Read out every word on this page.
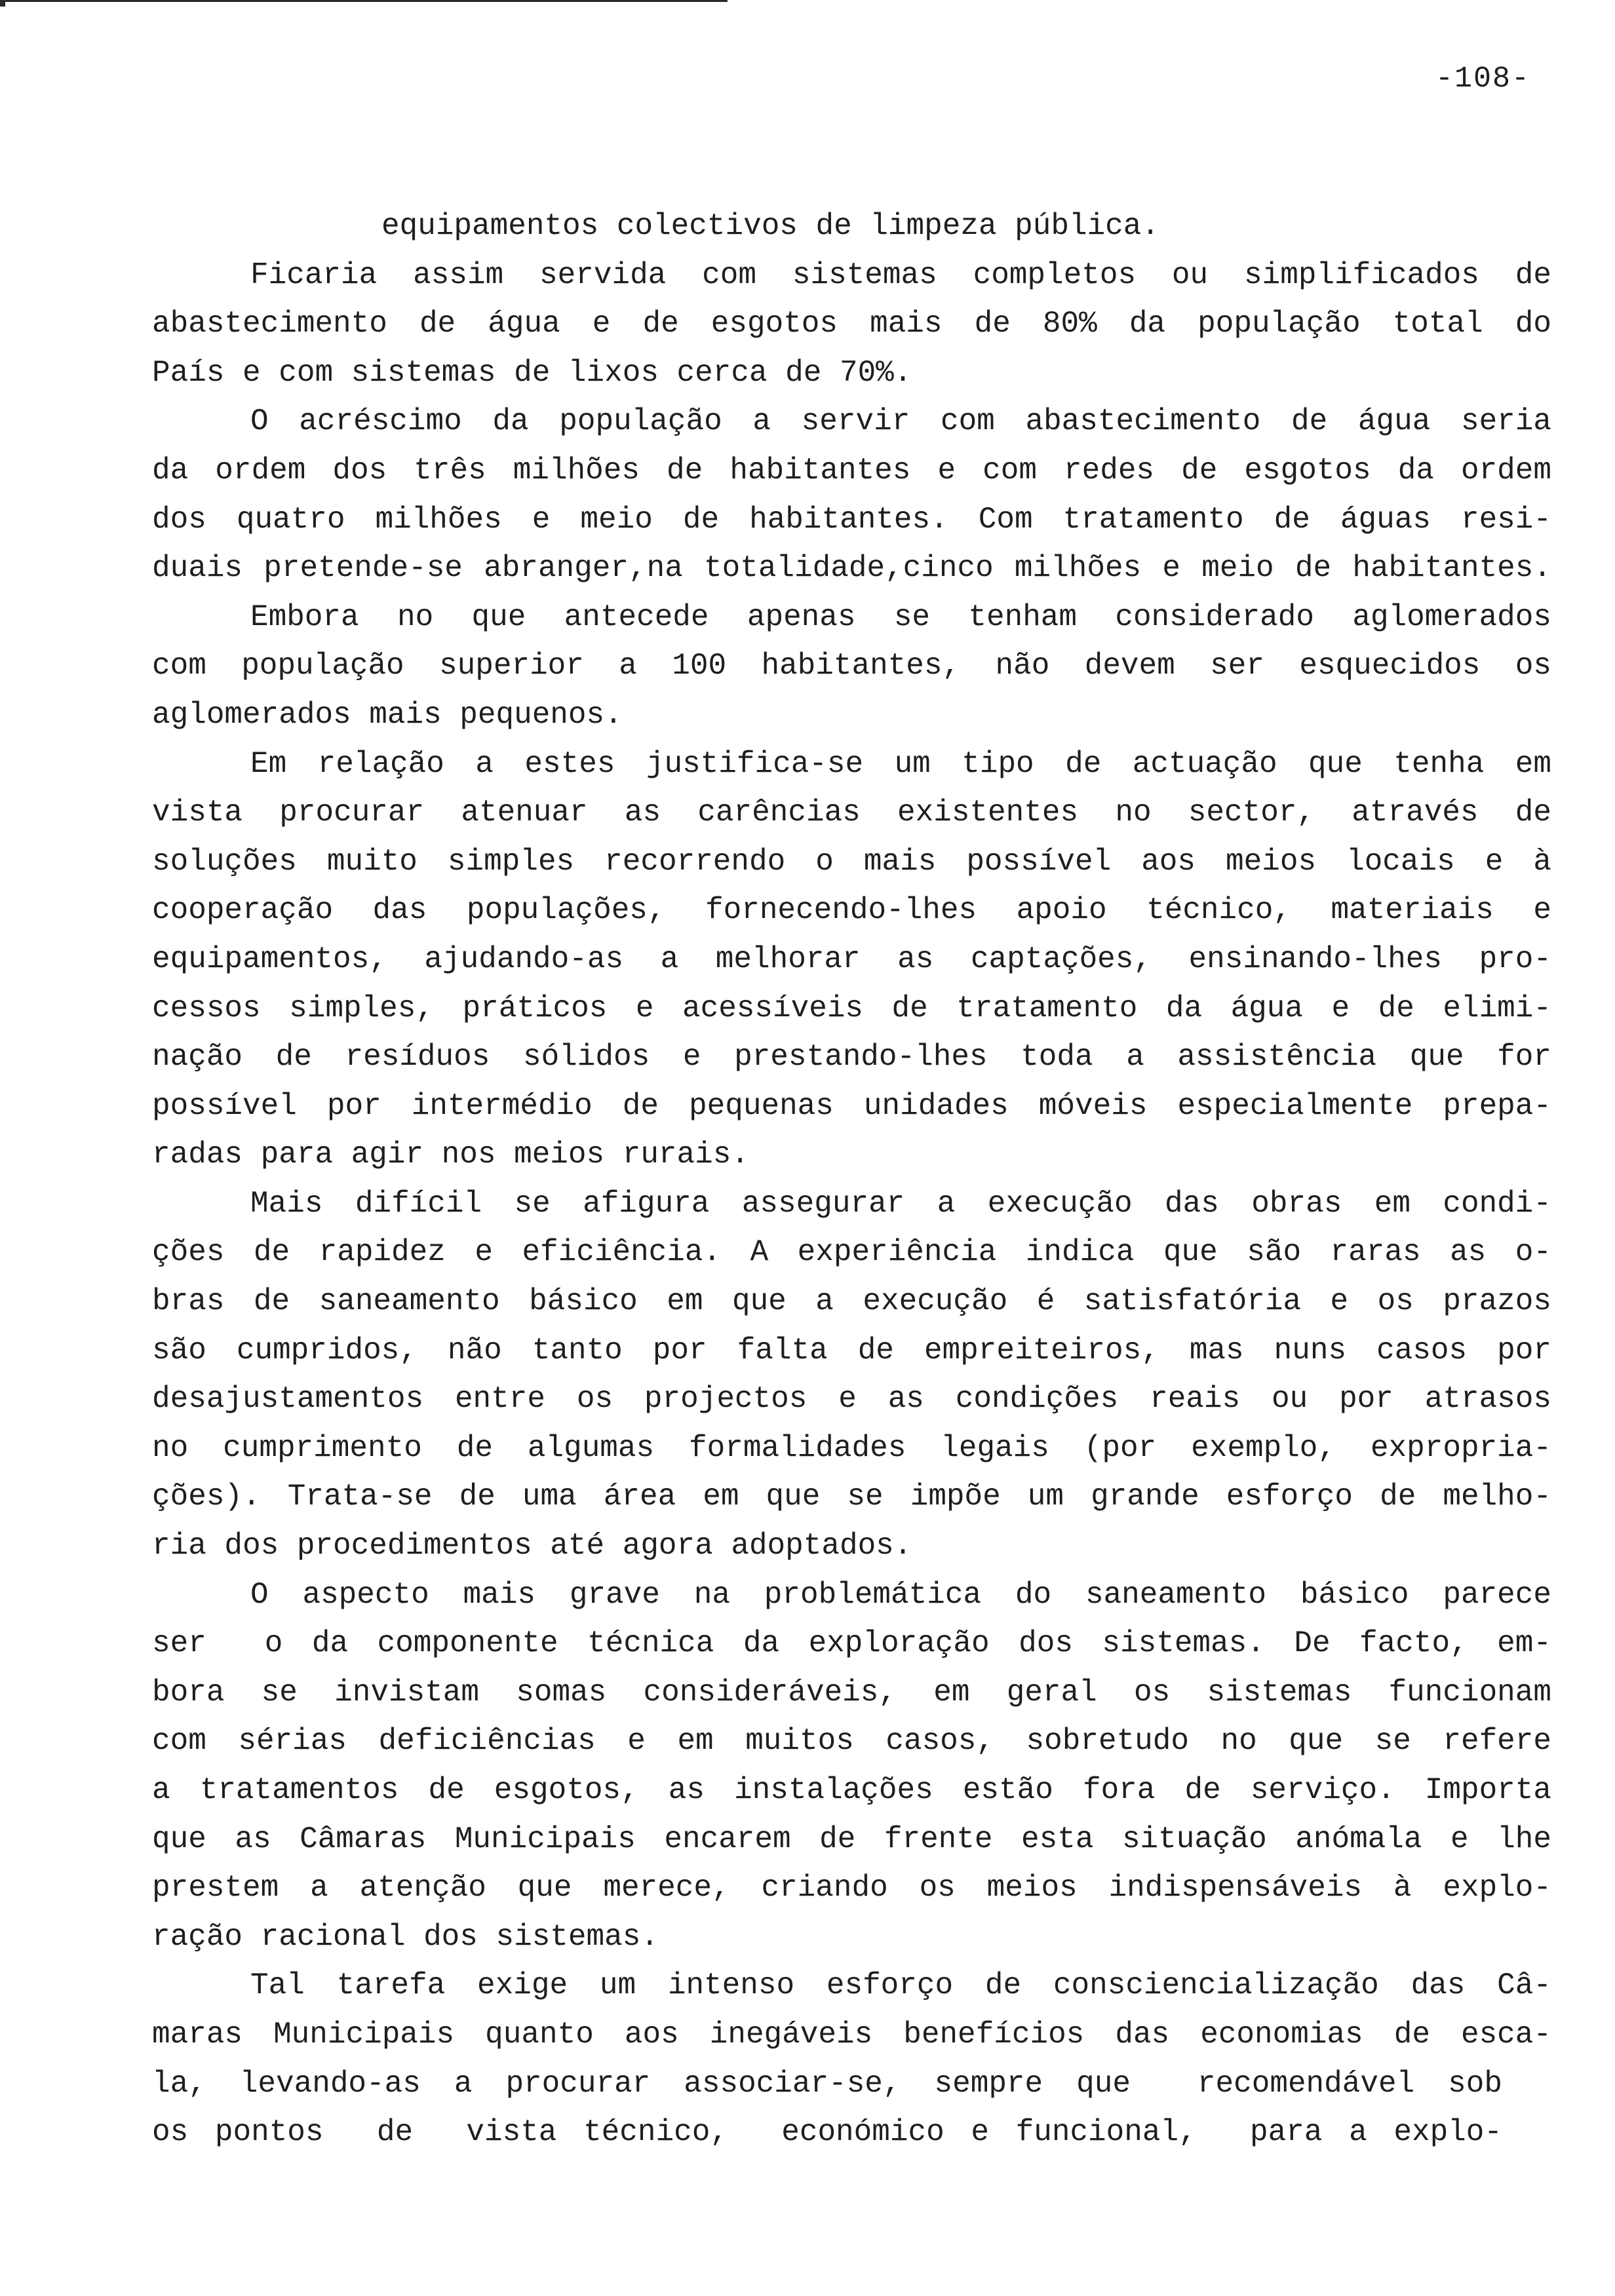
-108-
equipamentos colectivos de limpeza pública.
Ficaria assim servida com sistemas completos ou simplificados de
abastecimento de água e de esgotos mais de 80% da população total do
País e com sistemas de lixos cerca de 70%.
O acréscimo da população a servir com abastecimento de água seria
da ordem dos três milhões de habitantes e com redes de esgotos da ordem
dos quatro milhões e meio de habitantes. Com tratamento de águas resi-
duais pretende-se abranger,na totalidade,cinco milhões e meio de habitantes.
Embora no que antecede apenas se tenham considerado aglomerados
com população superior a 100 habitantes, não devem ser esquecidos os
aglomerados mais pequenos.
Em relação a estes justifica-se um tipo de actuação que tenha em
vista procurar atenuar as carências existentes no sector, através de
soluções muito simples recorrendo o mais possível aos meios locais e à
cooperação das populações, fornecendo-lhes apoio técnico, materiais e
equipamentos, ajudando-as a melhorar as captações, ensinando-lhes pro-
cessos simples, práticos e acessíveis de tratamento da água e de elimi-
nação de resíduos sólidos e prestando-lhes toda a assistência que for
possível por intermédio de pequenas unidades móveis especialmente prepa-
radas para agir nos meios rurais.
Mais difícil se afigura assegurar a execução das obras em condi-
ções de rapidez e eficiência. A experiência indica que são raras as o-
bras de saneamento básico em que a execução é satisfatória e os prazos
são cumpridos, não tanto por falta de empreiteiros, mas nuns casos por
desajustamentos entre os projectos e as condições reais ou por atrasos
no cumprimento de algumas formalidades legais (por exemplo, expropria-
ções). Trata-se de uma área em que se impõe um grande esforço de melho-
ria dos procedimentos até agora adoptados.
O aspecto mais grave na problemática do saneamento básico parece
ser  o da componente técnica da exploração dos sistemas. De facto, em-
bora se invistam somas consideráveis, em geral os sistemas funcionam
com sérias deficiências e em muitos casos, sobretudo no que se refere
a tratamentos de esgotos, as instalações estão fora de serviço. Importa
que as Câmaras Municipais encarem de frente esta situação anómala e lhe
prestem a atenção que merece, criando os meios indispensáveis à explo-
ração racional dos sistemas.
Tal tarefa exige um intenso esforço de consciencialização das Câ-
maras Municipais quanto aos inegáveis benefícios das economias de esca-
la, levando-as a procurar associar-se, sempre que  recomendável sob
os pontos  de  vista técnico,  económico e funcional,  para a explo-
